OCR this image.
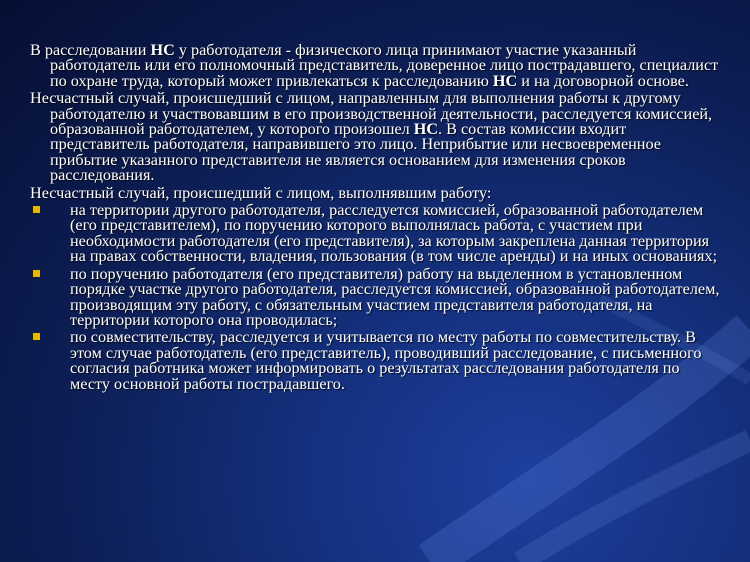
В расследовании НС у работодателя - физического лица принимают участие указанный работодатель или его полномочный представитель, доверенное лицо пострадавшего, специалист по охране труда, который может привлекаться к расследованию НС и на договорной основе.

Несчастный случай, происшедший с лицом, направленным для выполнения работы к другому работодателю и участвовавшим в его производственной деятельности, расследуется комиссией, образованной работодателем, у которого произошел НС. В состав комиссии входит представитель работодателя, направившего это лицо. Неприбытие или несвоевременное прибытие указанного представителя не является основанием для изменения сроков расследования.

Несчастный случай, происшедший с лицом, выполнявшим работу:

на территории другого работодателя, расследуется комиссией, образованной работодателем (его представителем), по поручению которого выполнялась работа, с участием при необходимости работодателя (его представителя), за которым закреплена данная территория на правах собственности, владения, пользования (в том числе аренды) и на иных основаниях;
по поручению работодателя (его представителя) работу на выделенном в установленном порядке участке другого работодателя, расследуется комиссией, образованной работодателем, производящим эту работу, с обязательным участием представителя работодателя, на территории которого она проводилась;
по совместительству, расследуется и учитывается по месту работы по совместительству. В этом случае работодатель (его представитель), проводивший расследование, с письменного согласия работника может информировать о результатах расследования работодателя по месту основной работы пострадавшего.
